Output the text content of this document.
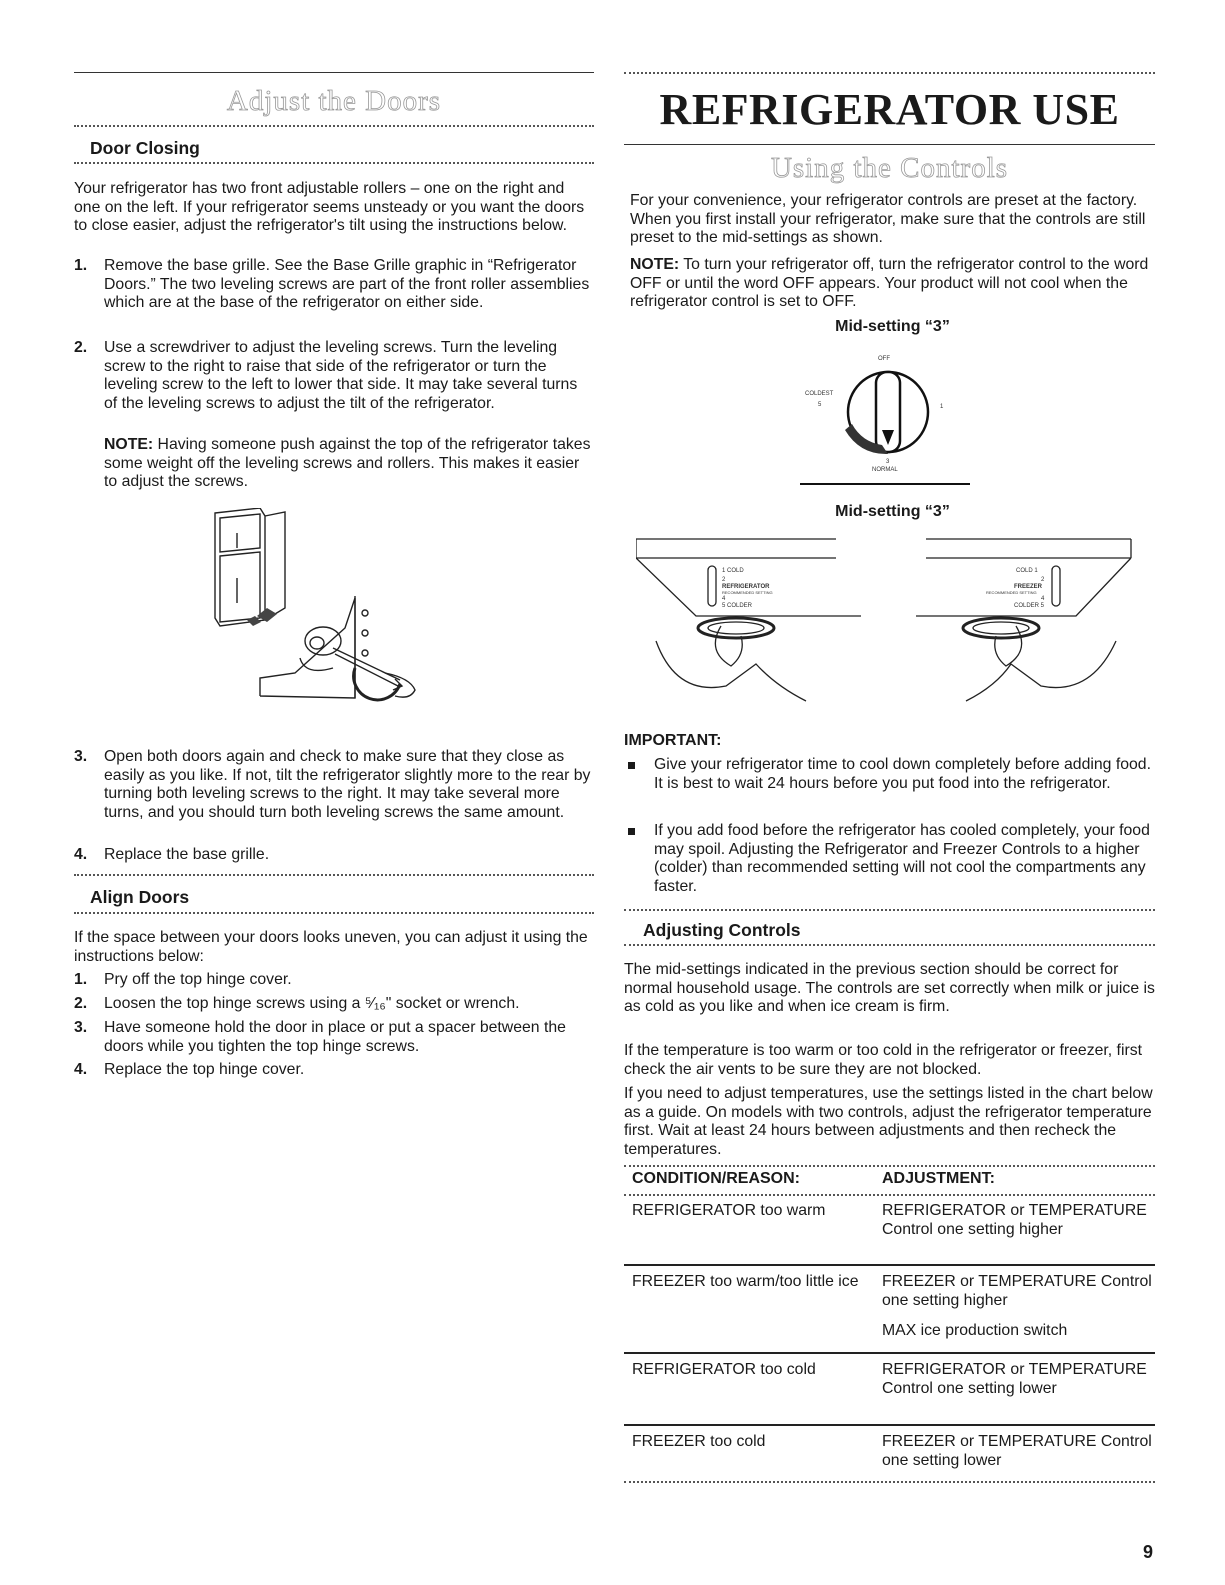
Adjust the Doors
Door Closing
Your refrigerator has two front adjustable rollers – one on the right and one on the left. If your refrigerator seems unsteady or you want the doors to close easier, adjust the refrigerator's tilt using the instructions below.
1. Remove the base grille. See the Base Grille graphic in “Refrigerator Doors.” The two leveling screws are part of the front roller assemblies which are at the base of the refrigerator on either side.
2. Use a screwdriver to adjust the leveling screws. Turn the leveling screw to the right to raise that side of the refrigerator or turn the leveling screw to the left to lower that side. It may take several turns of the leveling screws to adjust the tilt of the refrigerator.
NOTE: Having someone push against the top of the refrigerator takes some weight off the leveling screws and rollers. This makes it easier to adjust the screws.
3. Open both doors again and check to make sure that they close as easily as you like. If not, tilt the refrigerator slightly more to the rear by turning both leveling screws to the right. It may take several more turns, and you should turn both leveling screws the same amount.
4. Replace the base grille.
Align Doors
If the space between your doors looks uneven, you can adjust it using the instructions below:
1. Pry off the top hinge cover.
2. Loosen the top hinge screws using a ⁵⁄₁₆" socket or wrench.
3. Have someone hold the door in place or put a spacer between the doors while you tighten the top hinge screws.
4. Replace the top hinge cover.
REFRIGERATOR USE
Using the Controls
For your convenience, your refrigerator controls are preset at the factory. When you first install your refrigerator, make sure that the controls are still preset to the mid-settings as shown.
NOTE: To turn your refrigerator off, turn the refrigerator control to the word OFF or until the word OFF appears. Your product will not cool when the refrigerator control is set to OFF.
Mid-setting “3”
OFF
COLDEST
5	1
3
NORMAL
Mid-setting “3”
1 COLD
2
REFRIGERATOR
RECOMMENDED SETTING
4
5 COLDER
COLD 1
2
FREEZER
RECOMMENDED SETTING
4
COLDER 5
IMPORTANT:
Give your refrigerator time to cool down completely before adding food. It is best to wait 24 hours before you put food into the refrigerator.
If you add food before the refrigerator has cooled completely, your food may spoil. Adjusting the Refrigerator and Freezer Controls to a higher (colder) than recommended setting will not cool the compartments any faster.
Adjusting Controls
The mid-settings indicated in the previous section should be correct for normal household usage. The controls are set correctly when milk or juice is as cold as you like and when ice cream is firm.
If the temperature is too warm or too cold in the refrigerator or freezer, first check the air vents to be sure they are not blocked.
If you need to adjust temperatures, use the settings listed in the chart below as a guide. On models with two controls, adjust the refrigerator temperature first. Wait at least 24 hours between adjustments and then recheck the temperatures.
CONDITION/REASON:	ADJUSTMENT:
REFRIGERATOR too warm	REFRIGERATOR or TEMPERATURE Control one setting higher
FREEZER too warm/too little ice	FREEZER or TEMPERATURE Control one setting higher
MAX ice production switch
REFRIGERATOR too cold	REFRIGERATOR or TEMPERATURE Control one setting lower
FREEZER too cold	FREEZER or TEMPERATURE Control one setting lower
9
